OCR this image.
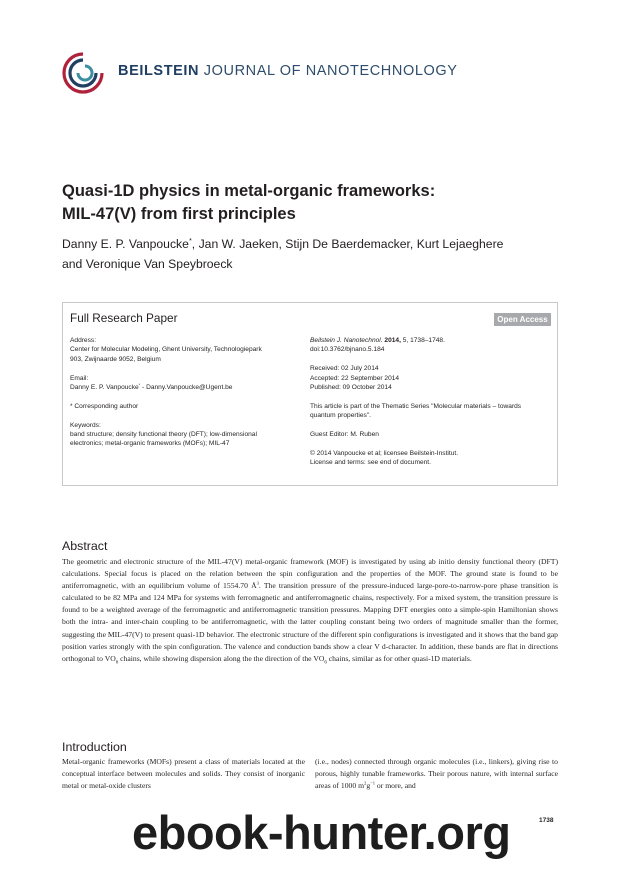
BEILSTEIN JOURNAL OF NANOTECHNOLOGY
Quasi-1D physics in metal-organic frameworks:
MIL-47(V) from first principles
Danny E. P. Vanpoucke*, Jan W. Jaeken, Stijn De Baerdemacker, Kurt Lejaeghere
and Veronique Van Speybroeck
Full Research Paper	Open Access
Address:
Center for Molecular Modeling, Ghent University, Technologiepark
903, Zwijnaarde 9052, Belgium
Email:
Danny E. P. Vanpoucke* - Danny.Vanpoucke@Ugent.be
* Corresponding author
Keywords:
band structure; density functional theory (DFT); low-dimensional
electronics; metal-organic frameworks (MOFs); MIL-47
Beilstein J. Nanotechnol. 2014, 5, 1738–1748.
doi:10.3762/bjnano.5.184
Received: 02 July 2014
Accepted: 22 September 2014
Published: 09 October 2014
This article is part of the Thematic Series "Molecular materials – towards
quantum properties".
Guest Editor: M. Ruben
© 2014 Vanpoucke et al; licensee Beilstein-Institut.
License and terms: see end of document.
Abstract
The geometric and electronic structure of the MIL-47(V) metal-organic framework (MOF) is investigated by using ab initio density functional theory (DFT) calculations. Special focus is placed on the relation between the spin configuration and the properties of the MOF. The ground state is found to be antiferromagnetic, with an equilibrium volume of 1554.70 $Å^3$. The transition pressure of the pressure-induced large-pore-to-narrow-pore phase transition is calculated to be 82 MPa and 124 MPa for systems with ferromagnetic and antiferromagnetic chains, respectively. For a mixed system, the transition pressure is found to be a weighted average of the ferromagnetic and antiferromagnetic transition pressures. Mapping DFT energies onto a simple-spin Hamiltonian shows both the intra- and inter-chain coupling to be antiferromagnetic, with the latter coupling constant being two orders of magnitude smaller than the former, suggesting the MIL-47(V) to present quasi-1D behavior. The electronic structure of the different spin configurations is investigated and it shows that the band gap position varies strongly with the spin configuration. The valence and conduction bands show a clear V d-character. In addition, these bands are flat in directions orthogonal to $VO_6$ chains, while showing dispersion along the the direction of the $VO_6$ chains, similar as for other quasi-1D materials.
Introduction
Metal-organic frameworks (MOFs) present a class of materials located at the conceptual interface between molecules and solids. They consist of inorganic metal or metal-oxide clusters
(i.e., nodes) connected through organic molecules (i.e., linkers), giving rise to porous, highly tunable frameworks. Their porous nature, with internal surface areas of 1000 $m^2g^{-1}$ or more, and
ebook-hunter.org	1738
